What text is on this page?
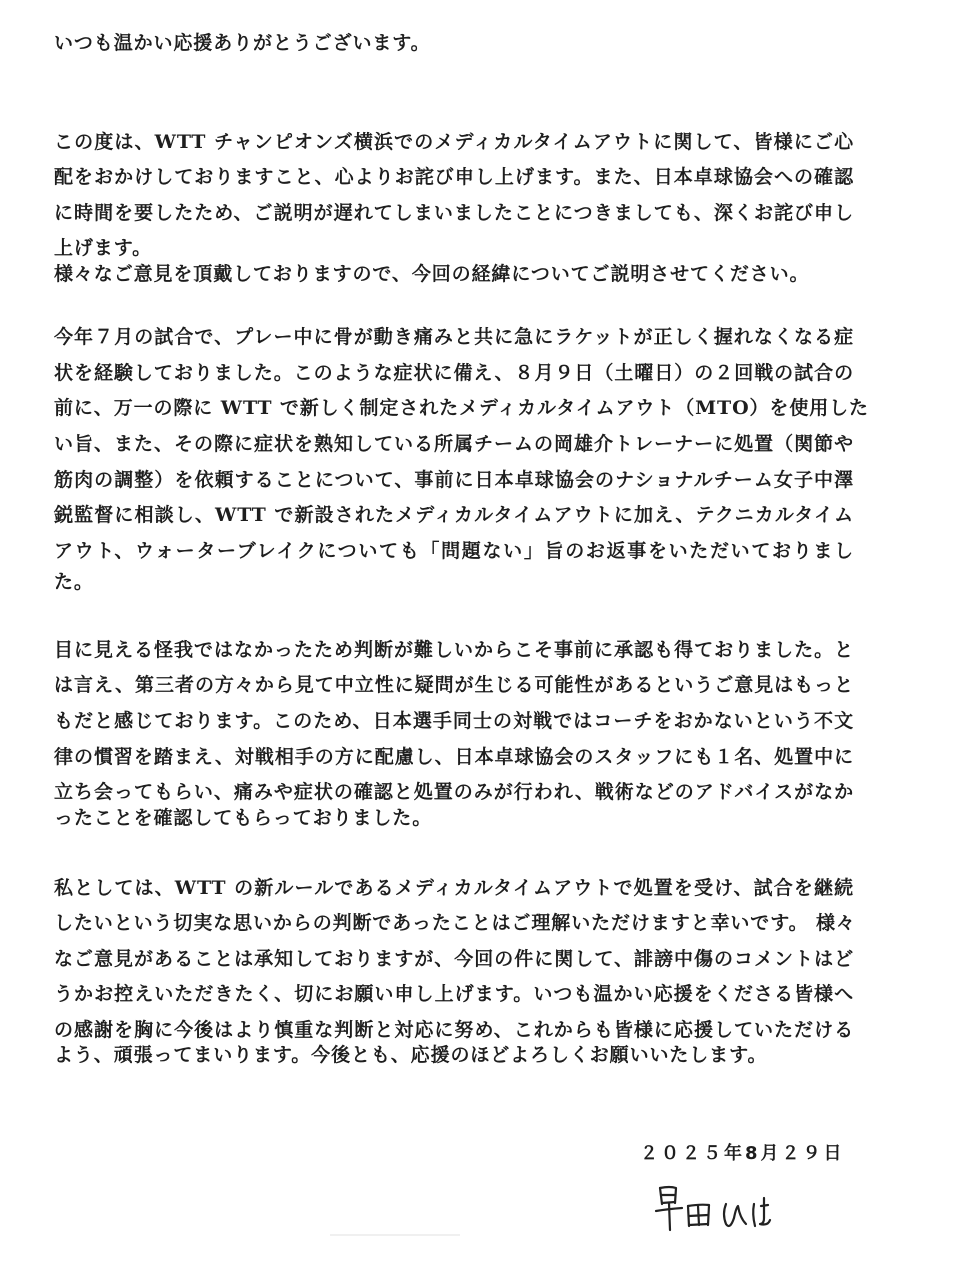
いつも温かい応援ありがとうございます。
この度は、WTT チャンピオンズ横浜でのメディカルタイムアウトに関して、皆様にご心
配をおかけしておりますこと、心よりお詫び申し上げます。また、日本卓球協会への確認
に時間を要したため、ご説明が遅れてしまいましたことにつきましても、深くお詫び申し
上げます。
様々なご意見を頂戴しておりますので、今回の経緯についてご説明させてください。
今年７月の試合で、プレー中に骨が動き痛みと共に急にラケットが正しく握れなくなる症
状を経験しておりました。このような症状に備え、８月９日（土曜日）の２回戦の試合の
前に、万一の際に WTT で新しく制定されたメディカルタイムアウト（MTO）を使用した
い旨、また、その際に症状を熟知している所属チームの岡雄介トレーナーに処置（関節や
筋肉の調整）を依頼することについて、事前に日本卓球協会のナショナルチーム女子中澤
鋭監督に相談し、WTT で新設されたメディカルタイムアウトに加え、テクニカルタイム
アウト、ウォーターブレイクについても「問題ない」旨のお返事をいただいておりまし
た。
目に見える怪我ではなかったため判断が難しいからこそ事前に承認も得ておりました。と
は言え、第三者の方々から見て中立性に疑問が生じる可能性があるというご意見はもっと
もだと感じております。このため、日本選手同士の対戦ではコーチをおかないという不文
律の慣習を踏まえ、対戦相手の方に配慮し、日本卓球協会のスタッフにも１名、処置中に
立ち会ってもらい、痛みや症状の確認と処置のみが行われ、戦術などのアドバイスがなか
ったことを確認してもらっておりました。
私としては、WTT の新ルールであるメディカルタイムアウトで処置を受け、試合を継続
したいという切実な思いからの判断であったことはご理解いただけますと幸いです。 様々
なご意見があることは承知しておりますが、今回の件に関して、誹謗中傷のコメントはど
うかお控えいただきたく、切にお願い申し上げます。いつも温かい応援をくださる皆様へ
の感謝を胸に今後はより慎重な判断と対応に努め、これからも皆様に応援していただける
よう、頑張ってまいります。今後とも、応援のほどよろしくお願いいたします。
２０２５年8月２９日
